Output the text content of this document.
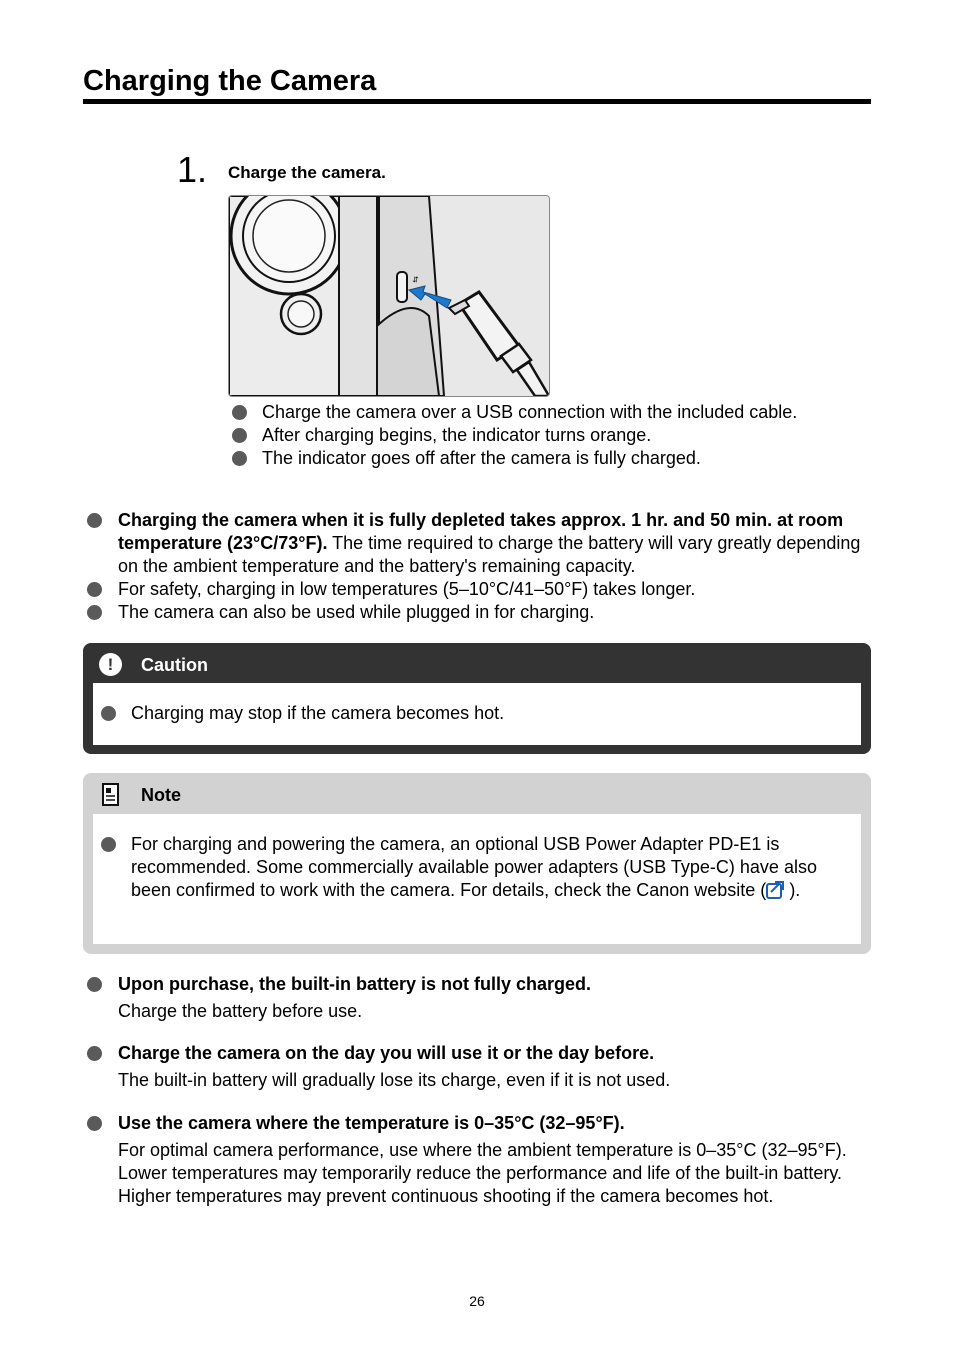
Charging the Camera
1. Charge the camera.
⇆
Charge the camera over a USB connection with the included cable.
After charging begins, the indicator turns orange.
The indicator goes off after the camera is fully charged.
Charging the camera when it is fully depleted takes approx. 1 hr. and 50 min. at room temperature (23°C/73°F). The time required to charge the battery will vary greatly depending on the ambient temperature and the battery's remaining capacity.
For safety, charging in low temperatures (5–10°C/41–50°F) takes longer.
The camera can also be used while plugged in for charging.
!	Caution
Charging may stop if the camera becomes hot.
Note
For charging and powering the camera, an optional USB Power Adapter PD-E1 is recommended. Some commercially available power adapters (USB Type-C) have also been confirmed to work with the camera. For details, check the Canon website ( ).
Upon purchase, the built-in battery is not fully charged.
Charge the battery before use.
Charge the camera on the day you will use it or the day before.
The built-in battery will gradually lose its charge, even if it is not used.
Use the camera where the temperature is 0–35°C (32–95°F).
For optimal camera performance, use where the ambient temperature is 0–35°C (32–95°F). Lower temperatures may temporarily reduce the performance and life of the built-in battery. Higher temperatures may prevent continuous shooting if the camera becomes hot.
26
